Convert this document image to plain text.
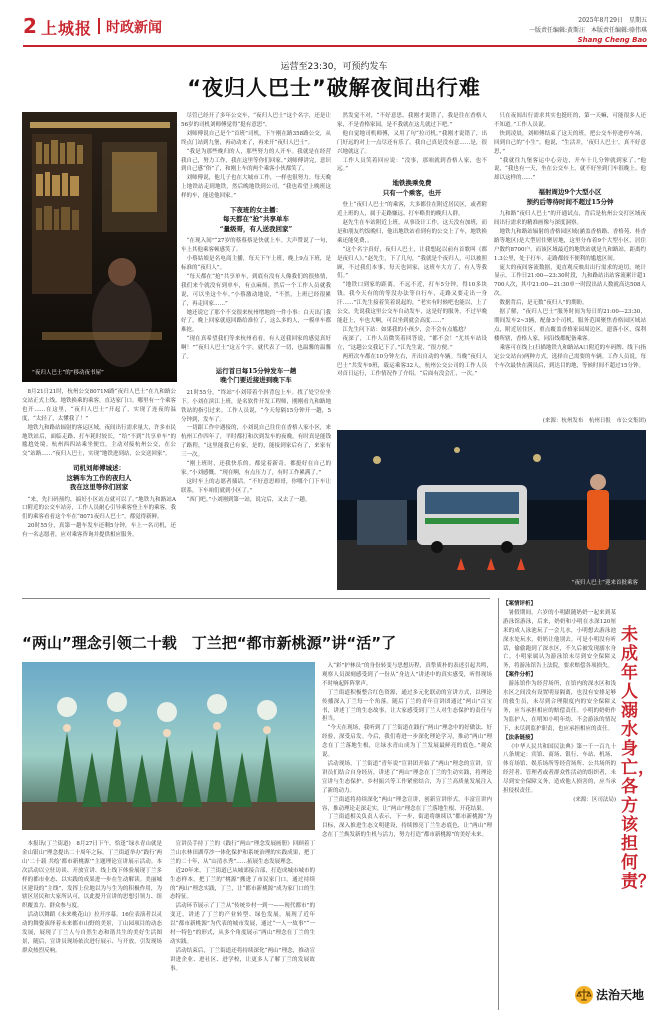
2 上城报 时政新闻	2025年8月29日　星期五
一版责任编辑:黄斯汪　本版责任编辑:骆伟琪
Shang Cheng Bao
运营至23:30，可预约发车
“夜归人巴士”破解夜间出行难
“夜归人巴士”的“移动夜书屋”

8月21日21时，杭州公交8071M路“夜归人巴士”在九和路公交站正式上线。地铁换乘的乘客，直达家门口。哪里有一个乘客也开……在这里，“夜归人巴士”开起了，实现了连夜的温度，“太轻了，太懂我了！”

地铁九和路站辐射的客运区域，夜间出行需求量大，许多市民地铁站后，面临走路、打车耗时较长，“给”不到“共享单车”的尴尬处境。杭州西四站乘坐便宜，主动对接杭州公交，在公交“站路……”夜归人巴士，实现“地铁进到站，公交送回家”。

司机刘师傅城述：
这辆车为工作的夜归人
我在这里等你们回家

“来，先扫码预约，搞好小区站点就可以了。”地铁九和路站A口附近的公交车站旁，工作人员耐心引导乘客登上车的乘客，我们的乘客看看这个车在“8071夜归人巴士”，都觉得新鲜。

20时55分，真第一趟车发车还剩5分钟，车上一名司机，还有一名志愿者，应对乘客咨询并提供相应服务。

尽管已经开了多年公交车，“夜归人巴士”这个名字，还是让56岁的司机刘师傅觉得“挺有意思”。

刘师傅说自己是个“首班”司机，下午刚在路358路公交，从终点门站到九堡，再动动来了，再来开“夜归人巴士”。

“我是为那些晚归的人，那些努力的人开车。我就是在经营我自己，努力工作，我在这里等你们回家。”刘师傅讲完，意识到自己感“俗”了，和刚上车的两个乘客小伙都笑了。

刘师傅说，他儿子也在大城市工作，一样也很努力。每天晚上地铁站走到地铁，然后晚地铁到公司，“我也希望上晚班这样的车，能送他回家。”

下夜班的女主播：
每天都在“抢”共享单车
“量级哥，有人送我回家”

“在现入间”“27岁的蔡蔡蔡是快就上车。大声赞说了一句，车上其他乘客顿感笑了。

小蔡姑娘是名电商主播，每天下午上班，晚上9点下班，是标准的“夜归人”。

“每天都在“抢”共享单车，到底有没有人像我们的很热情，我们来个就没有到单车，有点麻烦。然后一个工作人员就我说，可以坐这个车。”小蔡激动地说，“不然，上班已经很累了，再走回家……”

她还说它了那个不交很来杭州增地的一件小事：白天出门我好了，晚上回家就返回路给准位了，这么多的人，一模单车都难抢。

“现在真希望我们等来杭州看看，有人送我回家的感觉真好啊！”“夜归人巴士”这五个字，就代表了一切，也温馨的温馨了。

运行首日每15分钟发车一趟
晚个门要近接进到晚下车

21时55分，“终站”小刘带着个斜背包上车。找了处空位坐下。小刘在滨江上班，是名软件开发工程师，刚刚看九和路地铁站的指引过来。工作人员说，“今天每隔15分钟开一趟，5分钟到，发车了。

一切跟工作中遇接的，小刘说自己往住在香格人家小区，来杭州工作四年了，平时都打和次到发车的夜晚，有时真是能钱了路程，“这里能我已有家，是的，能接到家后有了，来家有三一次。

“刚上班时，还我快乐的。都觉着新奇，都挺好在自己的家。”小刘感慨。“现在啊，有点压力了，有时工作累满了。”

这时车上的志愿者插话，“不好意思师哥，你哪个门下车让联系，下车咱们就到小区了。”

“西门吧。”小刘刚到第一站，说完后，又去了一趟。

然发觉不对，“不好意思，我刚才说错了，我是往在香格人家，不是香格家园，是不我就在这儿就过下吧。”

他自觉地司机师傅，又用了句“拉司机。”我刚才说错了，出门好远的对上一点尽还有乐了。我自己真是没有意……是，很兴地就这了。

工作人员笑着回应说：“没事，那咱就到香格人家，也不远。”

地铁换乘免费
只有一个乘客，也开

登上“夜归人巴士”的乘客，大多都住在附近居民区，或者附近上班的人，属于走路嫌远、打车略贵的晚归人群。

赵先生在车站附近上班，从事设计工作，这天没有加班，而是和朋友约饭晚归，他出地铁站看到有的公交上了车，地铁换乘还能免费，。

“这个名字真好，夜归人巴士，让我想起以前有首歌叫《都是夜归人》。”赵先生，下了几句，“我就是个夜归人，可以被照顾，不过我们本事，每天也回家，这班车大方了，有人等我们。”

“地铁口到家的距离，不远不近，打车5分钟，得10多块钱。我今天有的的等没办法等自行车，走路又要走出一身汗……”江先生接着笑着说起的，“老实有时候吧也能以，上了公交，先说我这里公交车自动发车，这是好的服务，不过早晚能赶上，车也大啊，可以坐到就会高度……”

江先生问下站：如果我的小孩少，会不会有点尴尬？

夜深了，工作人员微笑着回答说，“都不会！”尤其车站设立，“这趟公交我记下了。”江先生说，“很方便。”

两班次车都在10分钟左右，开出自动的车辆。当晚“夜归人巴士”共发车9班，载运乘客32人，杭州公交公司的工作人员对首日运行，工作情况作了介绍。“后面有没会汇，一次。”

只在夜间出行需求其实也挺旺的，第一天嘛，可能很多人还不知道。”工作人员说。

快到凌晨，刘师傅结束了这天的班，把公交车停进停车场，回到自己的“小生”。他说，“生活并，‘夜归人巴士’，真不好意思，”

“我就往九堡客运中心旁边，开车十几分钟就到家了。”他说，“我也有一天，坐在公交车上，就不好坐到门车很晚上。他却以这样的……”

福射周边9个大型小区
预约后等待时间不超过15分钟

九和路“夜归人巴士”的开通试点，背后是杭州公交打区域夜间出行需求的精准画像与深度洞察。

地铁九和路站辐射的香格园区域(涵盖香格路、香格苑、桂香路等地区)是大型居住聚居地，这里分布着9个大型小区，居住户数约8700户。而该区域最近的地铁站就是九和路站，距离约1.3公里，处于打车、走路都较不便利的尴尬区间。

庞大的夜间客流数据，更直观反映出出行需求的迫切。统计显示，工作日21:00—23:30时段，九和路站出站客流累计超1700人次，其中21:00—21:30单一时段出站人数就高达508人次。

数据背后，是无数“夜归人”的期盼。

据了解，“夜归人巴士”服务时间为每日的21:00—23:30，期间发车2~3辆，配备3个司机。服务范围聚焦香格园区域站点，附近居住区，重点覆盖香格家园周边区，遗落小区，保利楼所辖，香格人家，同沿线都配备乘客。

乘客可在线上(扫描地铁九和路站A口附近的车码牌、线下(指定公交站台)两种方式，选择自己需要的车辆。工作人员说，每个车次最快在满员后，到达目的地，等候时间不超过15分钟。

(来源：杭州发布　杭州日报　市公交集团)
“夜归人巴士”迎来首批乘客
“两山”理念引领二十载　丁兰把“都市新桃源”讲“活”了

本报讯(丁兰街道)　8月27日下午，恰逢“绿水青山就是金山银山”理念提出二十周年之际，丁兰街道举办“践行‘两山’二十载 共绘‘都市新桃源’”主题理论宣讲展示活动。本次活动以立驻访谈、开放宣讲、线上线下体验展现丁兰多样的都市业态、以实践的成果进一步在生动解读。美丽城区建设的“主线”，发挥上位地以为与生为的积极作用，为辖区居民和大家所认可，以此提升宣讲的思想引领力、组织覆盖力、群众参与度。

活动以舞蹈《未来桃花山》拉开序幕。16位表演者以灵动的舞姿演绎着未来都市山野的美景，丁山园项目的动态发展，展现了丁兰人与自然生态和谐共生的美好生活图景，随后，宣讲员现场依次进行展示、与开放，引发现场群众热烈反响。

宣讲员手持丁兰的《践行“两山”理念发展画册》回顾着丁兰山水林田湖草沙一体化保护和系统治理的实践成果，把丁兰的二十年，从“山清水秀”……拓展生态发展理念。

近20年来，丁兰街道已从城郊接合部，打造成城市城市的生态样本，把丁兰的“桃源”搬进了市民家门口。通过持续的“两山”理念实践，丁兰，让“都市新桃源”成为家门口的生态特征。

活动环节展示了丁兰从“传统乡村一到一——现代都市”的变迁，讲述了丁兰的产业转型、绿色发展，展现了近年以“都市新桃源”为代表的城市发展，通过“一人一故事”“一村一特色”的形式，从多个角度展示“两山”理念在丁兰的生动实践。

活动结束后，丁兰街道还将持续深化“两山”理念，推动宣讲进企业、进社区、进学校，让更多人了解丁兰的发展故事。

入“彩”护林员”的身份转变与思想历程，真挚质朴的表述引起共鸣，观察人员深刻感受到了一份从“身边人”讲述中的真实感受，听得现场不时响起阵阵掌声。

丁兰街道积极整合红色资源，通过多元化联动的宣讲方式，以理论传播深入丁兰每一个角落。随后丁兰的青年宣讲团通过“两山”百宝书，讲述丁兰的生态故事，让大家感受到丁兰人对生态保护的责任与担当。

“今天在现场，我听到了丁兰街道在践行“两山”理念中的好做法、好经验，深受启发。今后，我们将进一步深化理论学习，推动“两山”理念在丁兰落地生根，让绿水青山成为丁兰发展最鲜亮的底色。”观众说。

活动现场，丁兰街道“青年说”宣讲团开始了“两山”理念的宣讲，宣讲员们结合自身经历，讲述了“两山”理念在丁兰的生动实践，将理论宣讲与生态保护、乡村振兴等工作紧密结合，为丁兰高质量发展注入了新的动力。

丁兰街道将持续深化“两山”理念宣讲，创新宣讲形式，丰富宣讲内容，推动理论走深走实，让“两山”理念在丁兰落地生根、开花结果。

丁兰街道相关负责人表示，下一步，街道将继续以“都市新桃源”为目标，深入推进生态文明建设，持续擦亮丁兰生态底色，让“两山”理念在丁兰焕发新的生机与活力，努力打造“都市新桃源”的美好未来。

【案情评析】

暑假期间，六岁的小明跟随奶奶一起来到某游泳馆游泳，后来，奶奶和小明在水深120厘米的成人泳池玩了一会儿水，小明想去游泳池深水处玩水，奶奶让他别去。可是小明没有听话，偷偷跑到了深水区，不久后被发现溺水身亡。小明家属认为游泳馆未尽到安全保障义务，将游泳馆告上法院，要求赔偿各项损失。

【案件分析】

游泳馆作为经营场所，在馆内的深水区和浅水区之间没有设置明显隔离，也没有安排足够的救生员，未尽到合理限度内的安全保障义务，应当承担相应的赔偿责任。小明的奶奶作为监护人，在明知小明年幼、不会游泳的情况下，未尽到监护职责，也应承担相应的责任。

【法条链接】

《中华人民共和国民法典》第一千一百九十八条规定：宾馆、商场、银行、车站、机场、体育场馆、娱乐场所等经营场所、公共场所的经营者、管理者或者群众性活动的组织者，未尽到安全保障义务，造成他人损害的，应当承担侵权责任。

(来源：区司法局)
未成年人溺水身亡，各方该担何责？
法治天地
